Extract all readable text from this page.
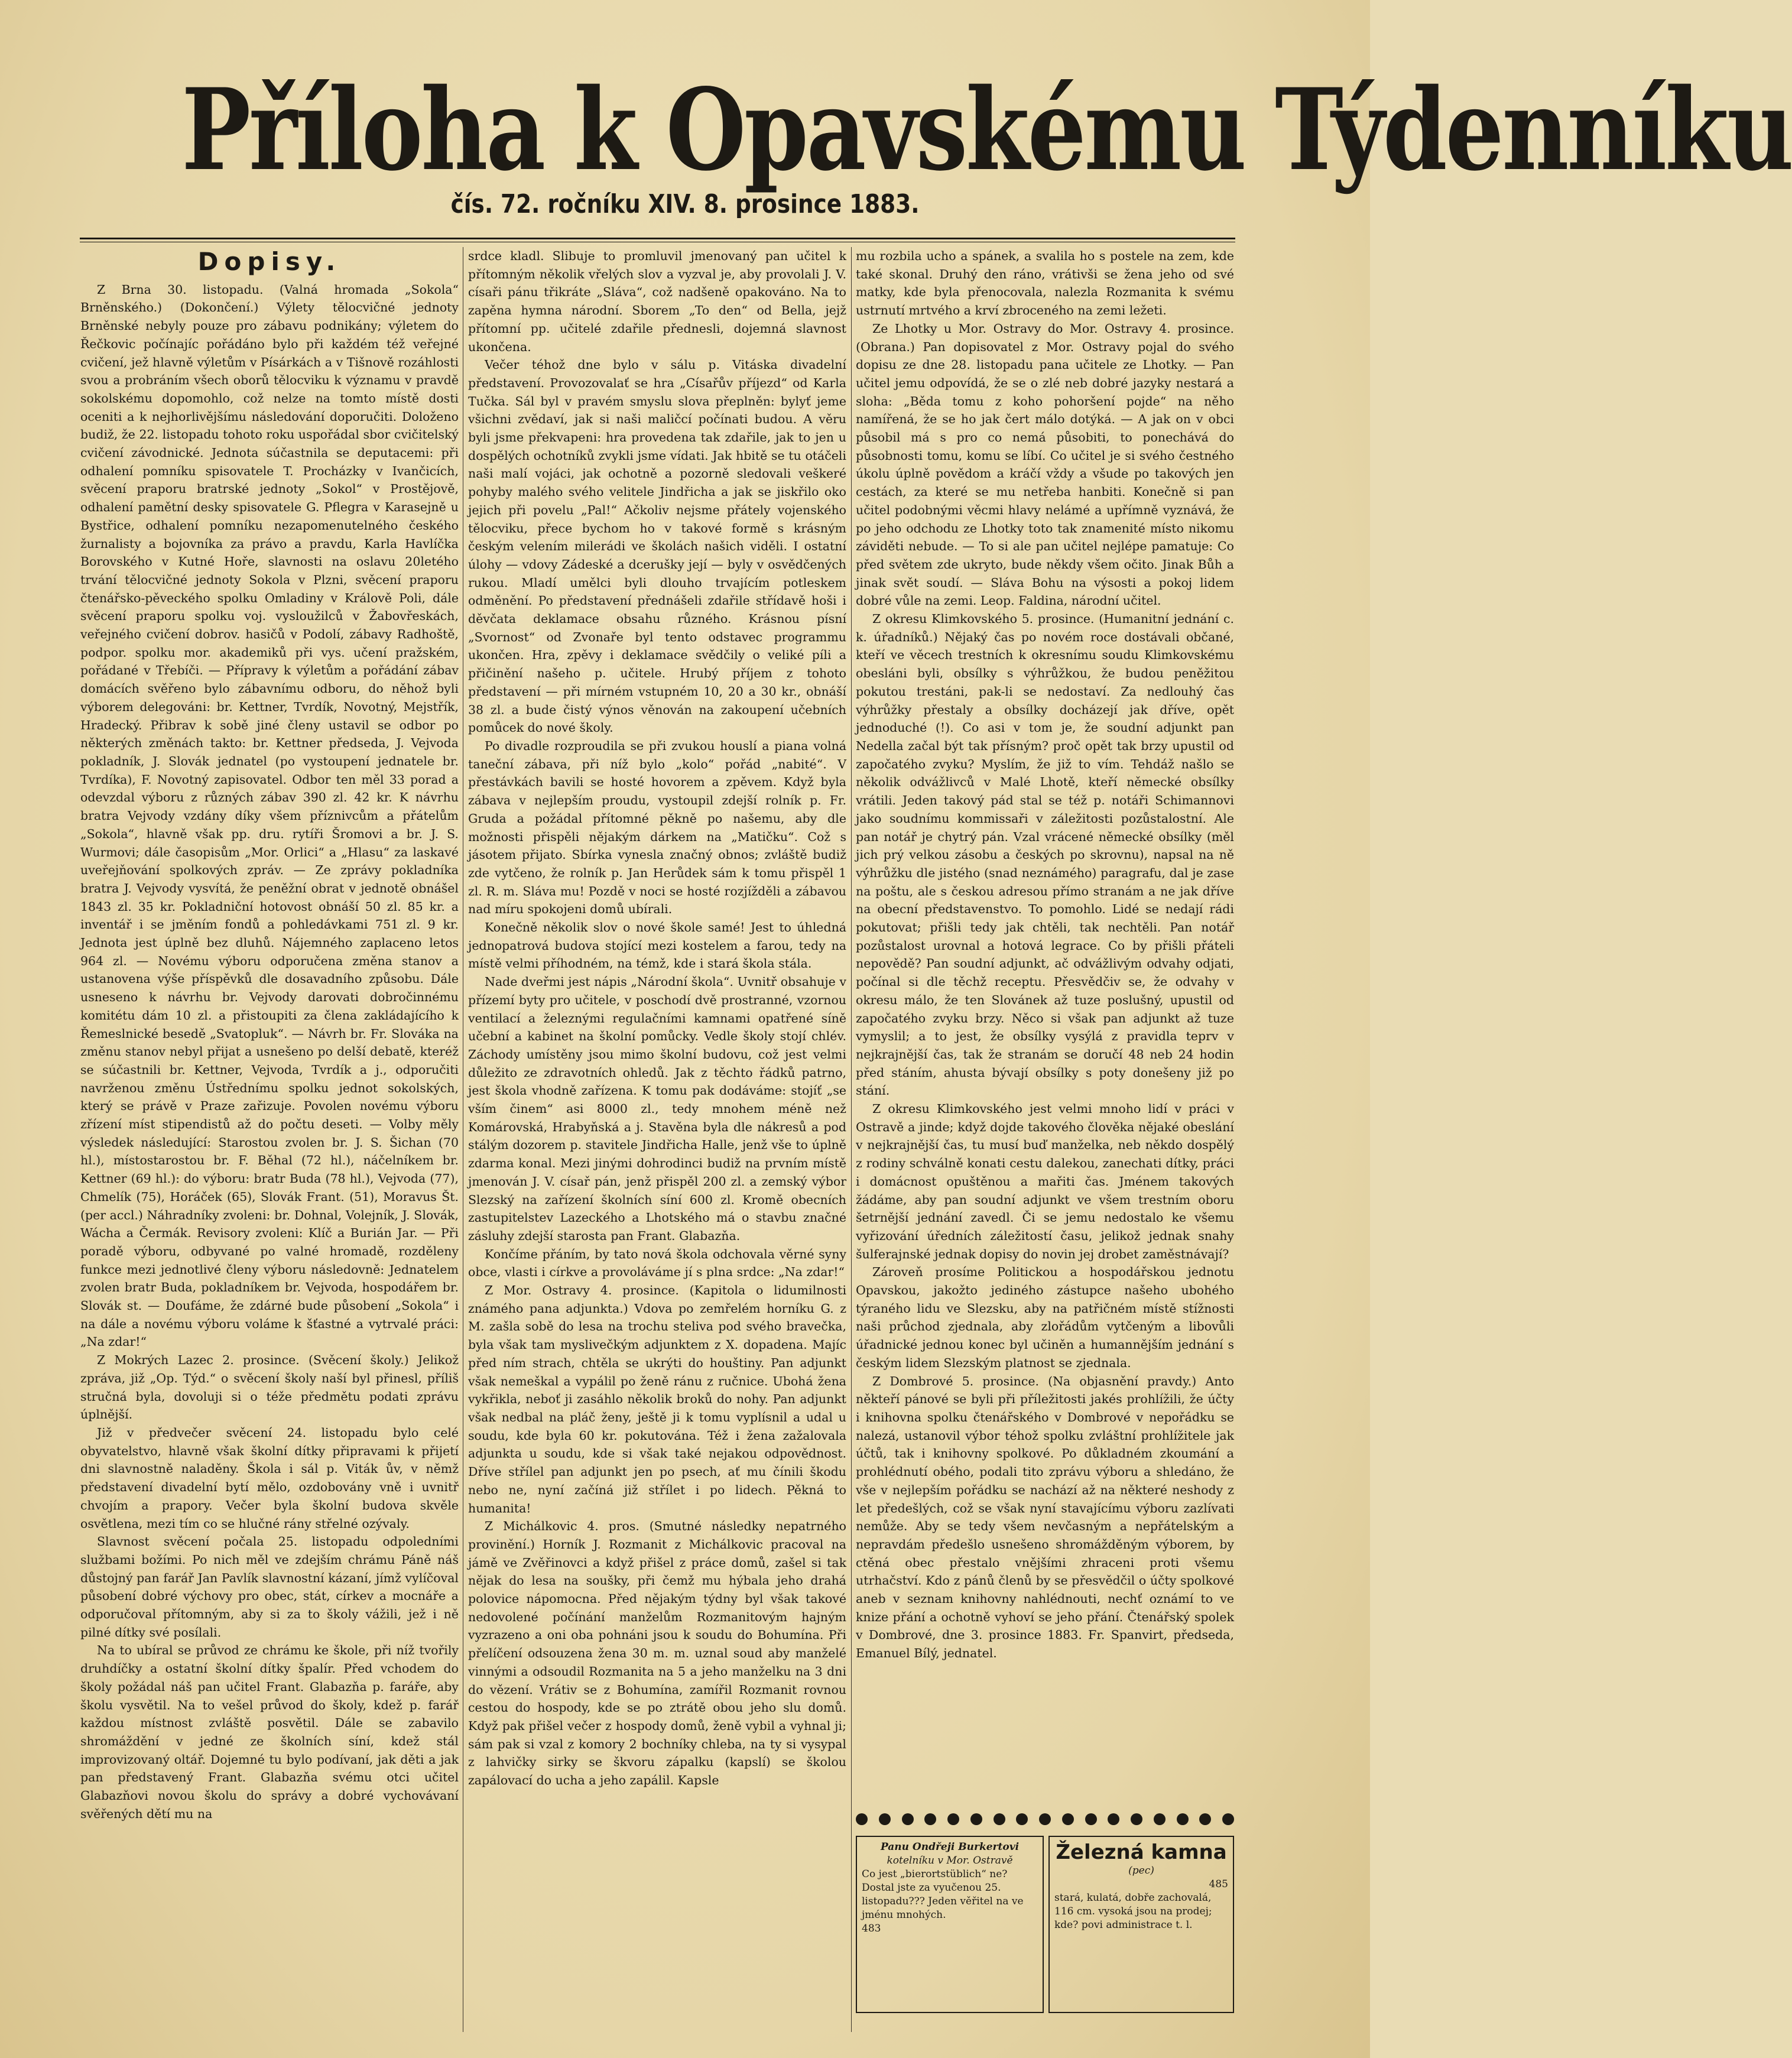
Příloha k Opavskému Týdenníku
čís. 72. ročníku XIV. 8. prosince 1883.
Dopisy.

Z Brna 30. listopadu. (Valná hromada „Sokola“ Brněnského.) (Dokončení.) Výlety tělocvičné jednoty Brněnské nebyly pouze pro zábavu podnikány; výletem do Řečkovic počínajíc pořádáno bylo při každém též veřejné cvičení, jež hlavně výletům v Písárkách a v Tišnově rozáhlosti svou a probráním všech oborů tělocviku k významu v pravdě sokolskému dopomohlo, což nelze na tomto místě dosti oceniti a k nejhorlivějšímu následování doporučiti. Doloženo budiž, že 22. listopadu tohoto roku uspořádal sbor cvičitelský cvičení závodnické. Jednota súčastnila se deputacemi: při odhalení pomníku spisovatele T. Procházky v Ivančicích, svěcení praporu bratrské jednoty „Sokol“ v Prostějově, odhalení pamětní desky spisovatele G. Pflegra v Karasejně u Bystřice, odhalení pomníku nezapomenutelného českého žurnalisty a bojovníka za právo a pravdu, Karla Havlíčka Borovského v Kutné Hoře, slavnosti na oslavu 20letého trvání tělocvičné jednoty Sokola v Plzni, svěcení praporu čtenářsko-pěveckého spolku Omladiny v Králově Poli, dále svěcení praporu spolku voj. vysloužilců v Žabovřeskách, veřejného cvičení dobrov. hasičů v Podolí, zábavy Radhoště, podpor. spolku mor. akademiků při vys. učení pražském, pořádané v Třebíči. — Přípravy k výletům a pořádání zábav domácích svěřeno bylo zábavnímu odboru, do něhož byli výborem delegováni: br. Kettner, Tvrdík, Novotný, Mejstřík, Hradecký. Přibrav k sobě jiné členy ustavil se odbor po některých změnách takto: br. Kettner předseda, J. Vejvoda pokladník, J. Slovák jednatel (po vystoupení jednatele br. Tvrdíka), F. Novotný zapisovatel. Odbor ten měl 33 porad a odevzdal výboru z různých zábav 390 zl. 42 kr. K návrhu bratra Vejvody vzdány díky všem příznivcům a přátelům „Sokola“, hlavně však pp. dru. rytíři Šromovi a br. J. S. Wurmovi; dále časopisům „Mor. Orlici“ a „Hlasu“ za laskavé uveřejňování spolkových zpráv. — Ze zprávy pokladníka bratra J. Vejvody vysvítá, že peněžní obrat v jednotě obnášel 1843 zl. 35 kr. Pokladniční hotovost obnáší 50 zl. 85 kr. a inventář i se jměním fondů a pohledávkami 751 zl. 9 kr. Jednota jest úplně bez dluhů. Nájemného zaplaceno letos 964 zl. — Novému výboru odporučena změna stanov a ustanovena výše příspěvků dle dosavadního způsobu. Dále usneseno k návrhu br. Vejvody darovati dobročinnému komitétu dám 10 zl. a přistoupiti za člena zakládajícího k Řemeslnické besedě „Svatopluk“. — Návrh br. Fr. Slováka na změnu stanov nebyl přijat a usnešeno po delší debatě, kteréž se súčastnili br. Kettner, Vejvoda, Tvrdík a j., odporučiti navrženou změnu Ústřednímu spolku jednot sokolských, který se právě v Praze zařizuje. Povolen novému výboru zřízení míst stipendistů až do počtu deseti. — Volby měly výsledek následující: Starostou zvolen br. J. S. Šichan (70 hl.), místostarostou br. F. Běhal (72 hl.), náčelníkem br. Kettner (69 hl.): do výboru: bratr Buda (78 hl.), Vejvoda (77), Chmelík (75), Horáček (65), Slovák Frant. (51), Moravus Št. (per accl.) Náhradníky zvoleni: br. Dohnal, Volejník, J. Slovák, Wácha a Čermák. Revisory zvoleni: Klíč a Burián Jar. — Při poradě výboru, odbyvané po valné hromadě, rozděleny funkce mezi jednotlivé členy výboru následovně: Jednatelem zvolen bratr Buda, pokladníkem br. Vejvoda, hospodářem br. Slovák st. — Doufáme, že zdárné bude působení „Sokola“ i na dále a novému výboru voláme k šťastné a vytrvalé práci: „Na zdar!“

Z Mokrých Lazec 2. prosince. (Svěcení školy.) Jelikož zpráva, již „Op. Týd.“ o svěcení školy naší byl přinesl, příliš stručná byla, dovoluji si o téže předmětu podati zprávu úplnější.

Již v předvečer svěcení 24. listopadu bylo celé obyvatelstvo, hlavně však školní dítky připravami k přijetí dni slavnostně naladěny. Škola i sál p. Viták ův, v němž představení divadelní bytí mělo, ozdobovány vně i uvnitř chvojím a prapory. Večer byla školní budova skvěle osvětlena, mezi tím co se hlučné rány střelné ozývaly.

Slavnost svěcení počala 25. listopadu odpoledními službami božími. Po nich měl ve zdejším chrámu Páně náš důstojný pan farář Jan Pavlík slavnostní kázaní, jímž vylíčoval působení dobré výchovy pro obec, stát, církev a mocnáře a odporučoval přítomným, aby si za to školy vážili, jež i ně pilné dítky své posílali.

Na to ubíral se průvod ze chrámu ke škole, při níž tvořily druhdíčky a ostatní školní dítky špalír. Před vchodem do školy požádal náš pan učitel Frant. Glabazňa p. faráře, aby školu vysvětil. Na to vešel průvod do školy, kdež p. farář každou místnost zvláště posvětil. Dále se zabavilo shromáždění v jedné ze školních síní, kdež stál improvizovaný oltář. Dojemné tu bylo podívaní, jak děti a jak pan představený Frant. Glabazňa svému otci učitel Glabazňovi novou školu do správy a dobré vychovávaní svěřených dětí mu na

srdce kladl. Slibuje to promluvil jmenovaný pan učitel k přítomným několik vřelých slov a vyzval je, aby provolali J. V. císaři pánu třikráte „Sláva“, což nadšeně opakováno. Na to zapěna hymna národní. Sborem „To den“ od Bella, jejž přítomní pp. učitelé zdařile přednesli, dojemná slavnost ukončena.

Večer téhož dne bylo v sálu p. Vitáska divadelní představení. Provozovalať se hra „Císařův příjezd“ od Karla Tučka. Sál byl v pravém smyslu slova přeplněn: bylyť jeme všichni zvědaví, jak si naši maličcí počínati budou. A věru byli jsme překvapeni: hra provedena tak zdařile, jak to jen u dospělých ochotníků zvykli jsme vídati. Jak hbitě se tu otáčeli naši malí vojáci, jak ochotně a pozorně sledovali veškeré pohyby malého svého velitele Jindřicha a jak se jiskřilo oko jejich při povelu „Pal!“ Ačkoliv nejsme přátely vojenského tělocviku, přece bychom ho v takové formě s krásným českým velením milerádi ve školách našich viděli. I ostatní úlohy — vdovy Zádeské a dcerušky její — byly v osvědčených rukou. Mladí umělci byli dlouho trvajícím potleskem odměnění. Po představení přednášeli zdařile střídavě hoši i děvčata deklamace obsahu různého. Krásnou písní „Svornost“ od Zvonaře byl tento odstavec programmu ukončen. Hra, zpěvy i deklamace svědčily o veliké píli a přičinění našeho p. učitele. Hrubý příjem z tohoto představení — při mírném vstupném 10, 20 a 30 kr., obnáší 38 zl. a bude čistý výnos věnován na zakoupení učebních pomůcek do nové školy.

Po divadle rozproudila se při zvukou houslí a piana volná taneční zábava, při níž bylo „kolo“ pořád „nabité“. V přestávkách bavili se hosté hovorem a zpěvem. Když byla zábava v nejlepším proudu, vystoupil zdejší rolník p. Fr. Gruda a požádal přítomné pěkně po našemu, aby dle možnosti přispěli nějakým dárkem na „Matičku“. Což s jásotem přijato. Sbírka vynesla značný obnos; zvláště budiž zde vytčeno, že rolník p. Jan Herůdek sám k tomu přispěl 1 zl. R. m. Sláva mu! Pozdě v noci se hosté rozjížděli a zábavou nad míru spokojeni domů ubírali.

Konečně několik slov o nové škole samé! Jest to úhledná jednopatrová budova stojící mezi kostelem a farou, tedy na místě velmi příhodném, na témž, kde i stará škola stála.

Nade dveřmi jest nápis „Národní škola“. Uvnitř obsahuje v přízemí byty pro učitele, v poschodí dvě prostranné, vzornou ventilací a železnými regulačními kamnami opatřené síně učební a kabinet na školní pomůcky. Vedle školy stojí chlév. Záchody umístěny jsou mimo školní budovu, což jest velmi důležito ze zdravotních ohledů. Jak z těchto řádků patrno, jest škola vhodně zařízena. K tomu pak dodáváme: stojíť „se vším činem“ asi 8000 zl., tedy mnohem méně než Komárovská, Hrabyňská a j. Stavěna byla dle nákresů a pod stálým dozorem p. stavitele Jindřicha Halle, jenž vše to úplně zdarma konal. Mezi jinými dohrodinci budiž na prvním místě jmenován J. V. císař pán, jenž přispěl 200 zl. a zemský výbor Slezský na zařízení školních síní 600 zl. Kromě obecních zastupitelstev Lazeckého a Lhotského má o stavbu značné zásluhy zdejší starosta pan Frant. Glabazňa.

Končíme přáním, by tato nová škola odchovala věrné syny obce, vlasti i církve a provoláváme jí s plna srdce: „Na zdar!“

Z Mor. Ostravy 4. prosince. (Kapitola o lidumilnosti známého pana adjunkta.) Vdova po zemřelém horníku G. z M. zašla sobě do lesa na trochu steliva pod svého bravečka, byla však tam myslivečkým adjunktem z X. dopadena. Majíc před ním strach, chtěla se ukrýti do houštiny. Pan adjunkt však nemeškal a vypálil po ženě ránu z ručnice. Ubohá žena vykřikla, neboť ji zasáhlo několik broků do nohy. Pan adjunkt však nedbal na pláč ženy, ještě ji k tomu vyplísnil a udal u soudu, kde byla 60 kr. pokutována. Též i žena zažalovala adjunkta u soudu, kde si však také nejakou odpovědnost. Dříve střílel pan adjunkt jen po psech, ať mu čínili škodu nebo ne, nyní začíná již střílet i po lidech. Pěkná to humanita!

Z Michálkovic 4. pros. (Smutné následky nepatrného provinění.) Horník J. Rozmanit z Michálkovic pracoval na jámě ve Zvěřinovci a když přišel z práce domů, zašel si tak nějak do lesa na soušky, při čemž mu hýbala jeho drahá polovice nápomocna. Před nějakým týdny byl však takové nedovolené počínání manželům Rozmanitovým hajným vyzrazeno a oni oba pohnáni jsou k soudu do Bohumína. Při přelíčení odsouzena žena 30 m. m. uznal soud aby manželé vinnými a odsoudil Rozmanita na 5 a jeho manželku na 3 dni do vězení. Vrátiv se z Bohumína, zamířil Rozmanit rovnou cestou do hospody, kde se po ztrátě obou jeho slu domů. Když pak přišel večer z hospody domů, ženě vybil a vyhnal ji; sám pak si vzal z komory 2 bochníky chleba, na ty si vysypal z lahvičky sirky se škvoru zápalku (kapslí) se školou zapálovací do ucha a jeho zapálil. Kapsle

mu rozbila ucho a spánek, a svalila ho s postele na zem, kde také skonal. Druhý den ráno, vrátivši se žena jeho od své matky, kde byla přenocovala, nalezla Rozmanita k svému ustrnutí mrtvého a krví zbroceného na zemi ležeti.

Ze Lhotky u Mor. Ostravy do Mor. Ostravy 4. prosince. (Obrana.) Pan dopisovatel z Mor. Ostravy pojal do svého dopisu ze dne 28. listopadu pana učitele ze Lhotky. — Pan učitel jemu odpovídá, že se o zlé neb dobré jazyky nestará a sloha: „Běda tomu z koho pohoršení pojde“ na něho namířená, že se ho jak čert málo dotýká. — A jak on v obci působil má s pro co nemá působiti, to ponechává do působnosti tomu, komu se líbí. Co učitel je si svého čestného úkolu úplně povědom a kráčí vždy a všude po takových jen cestách, za které se mu netřeba hanbiti. Konečně si pan učitel podobnými věcmi hlavy nelámé a upřímně vyznává, že po jeho odchodu ze Lhotky toto tak znamenité místo nikomu záviděti nebude. — To si ale pan učitel nejlépe pamatuje: Co před světem zde ukryto, bude někdy všem očito. Jinak Bůh a jinak svět soudí. — Sláva Bohu na výsosti a pokoj lidem dobré vůle na zemi. Leop. Faldina, národní učitel.

Z okresu Klimkovského 5. prosince. (Humanitní jednání c. k. úřadníků.) Nějaký čas po novém roce dostávali občané, kteří ve věcech trestních k okresnímu soudu Klimkovskému obesláni byli, obsílky s výhrůžkou, že budou peněžitou pokutou trestáni, pak-li se nedostaví. Za nedlouhý čas výhrůžky přestaly a obsílky docházejí jak dříve, opět jednoduché (!). Co asi v tom je, že soudní adjunkt pan Nedella začal být tak přísným? proč opět tak brzy upustil od započatého zvyku? Myslím, že již to vím. Tehdáž našlo se několik odvážlivců v Malé Lhotě, kteří německé obsílky vrátili. Jeden takový pád stal se též p. notáři Schimannovi jako soudnímu kommissaři v záležitosti pozůstalostní. Ale pan notář je chytrý pán. Vzal vrácené německé obsílky (měl jich prý velkou zásobu a českých po skrovnu), napsal na ně výhrůžku dle jistého (snad neznámého) paragrafu, dal je zase na poštu, ale s českou adresou přímo stranám a ne jak dříve na obecní představenstvo. To pomohlo. Lidé se nedají rádi pokutovat; přišli tedy jak chtěli, tak nechtěli. Pan notář pozůstalost urovnal a hotová legrace. Co by přišli přáteli nepovědě? Pan soudní adjunkt, ač odvážlivým odvahy odjati, počínal si dle těchž receptu. Přesvědčiv se, že odvahy v okresu málo, že ten Slovánek až tuze poslušný, upustil od započatého zvyku brzy. Něco si však pan adjunkt až tuze vymyslil; a to jest, že obsílky vysýlá z pravidla teprv v nejkrajnější čas, tak že stranám se doručí 48 neb 24 hodin před stáním, ahusta bývají obsílky s poty donešeny již po stání.

Z okresu Klimkovského jest velmi mnoho lidí v práci v Ostravě a jinde; když dojde takového člověka nějaké obeslání v nejkrajnější čas, tu musí buď manželka, neb někdo dospělý z rodiny schválně konati cestu dalekou, zanechati dítky, práci i domácnost opuštěnou a mařiti čas. Jménem takových žádáme, aby pan soudní adjunkt ve všem trestním oboru šetrnější jednání zavedl. Či se jemu nedostalo ke všemu vyřizování úředních záležitostí času, jelikož jednak snahy šulferajnské jednak dopisy do novin jej drobet zaměstnávají?

Zároveň prosíme Politickou a hospodářskou jednotu Opavskou, jakožto jediného zástupce našeho ubohého týraného lidu ve Slezsku, aby na patřičném místě stížnosti naši průchod zjednala, aby zlořádům vytčeným a libovůli úřadnické jednou konec byl učiněn a humannějším jednání s českým lidem Slezským platnost se zjednala.

Z Dombrové 5. prosince. (Na objasnění pravdy.) Anto někteří pánové se byli při příležitosti jakés prohlížili, že účty i knihovna spolku čtenářského v Dombrové v nepořádku se nalezá, ustanovil výbor téhož spolku zvláštní prohlížitele jak účtů, tak i knihovny spolkové. Po důkladném zkoumání a prohlédnutí obého, podali tito zprávu výboru a shledáno, že vše v nejlepším pořádku se nachází až na některé neshody z let předešlých, což se však nyní stavajícímu výboru zazlívati nemůže. Aby se tedy všem nevčasným a nepřátelským a nepravdám předešlo usnešeno shromážděným výborem, by ctěná obec přestalo vnějšími zhraceni proti všemu utrhačství. Kdo z pánů členů by se přesvědčil o účty spolkové aneb v seznam knihovny nahlédnouti, nechť oznámí to ve knize přání a ochotně vyhoví se jeho přání. Čtenářský spolek v Dombrové, dne 3. prosince 1883. Fr. Spanvirt, předseda, Emanuel Bílý, jednatel.

Panu Ondřeji Burkertovi
kotelníku v Mor. Ostravě
Co jest „bierortstüblich“ ne?
Dostal jste za vyučenou 25. listopadu??? Jeden věřitel na ve jménu mnohých.
483
Železná kamna
(pec)
485
stará, kulatá, dobře zachovalá, 116 cm. vysoká jsou na prodej; kde? povi administrace t. l.
